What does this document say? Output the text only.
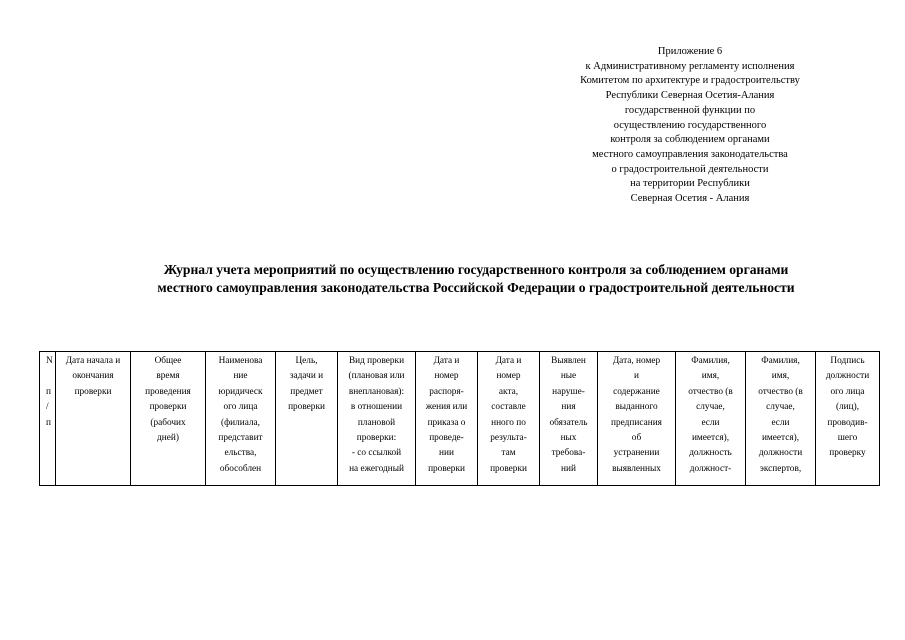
Приложение 6
к Административному регламенту исполнения
Комитетом по архитектуре и градостроительству
Республики Северная Осетия-Алания
государственной функции по
осуществлению государственного
контроля за соблюдением органами
местного самоуправления законодательства
о градостроительной деятельности
на территории Республики
Северная Осетия - Алания
Журнал учета мероприятий по осуществлению государственного контроля за соблюдением органами
местного самоуправления законодательства Российской Федерации о градостроительной деятельности
N

п
/
п

Дата начала и
окончания
проверки

Общее
время
проведения
проверки
(рабочих
дней)

Наименова
ние
юридическ
ого лица
(филиала,
представит
ельства,
обособлен

Цель,
задачи и
предмет
проверки

Вид проверки
(плановая или
внеплановая):
в отношении
плановой
проверки:
- со ссылкой
на ежегодный

Дата и
номер
распоря-
жения или
приказа о
проведе-
нии
проверки

Дата и
номер
акта,
составле
нного по
результа-
там
проверки

Выявлен
ные
наруше-
ния
обязатель
ных
требова-
ний

Дата, номер
и
содержание
выданного
предписания
об
устранении
выявленных

Фамилия,
имя,
отчество (в
случае,
если
имеется),
должность
должност-

Фамилия,
имя,
отчество (в
случае,
если
имеется),
должности
экспертов,

Подпись
должности
ого лица
(лиц),
проводив-
шего
проверку
